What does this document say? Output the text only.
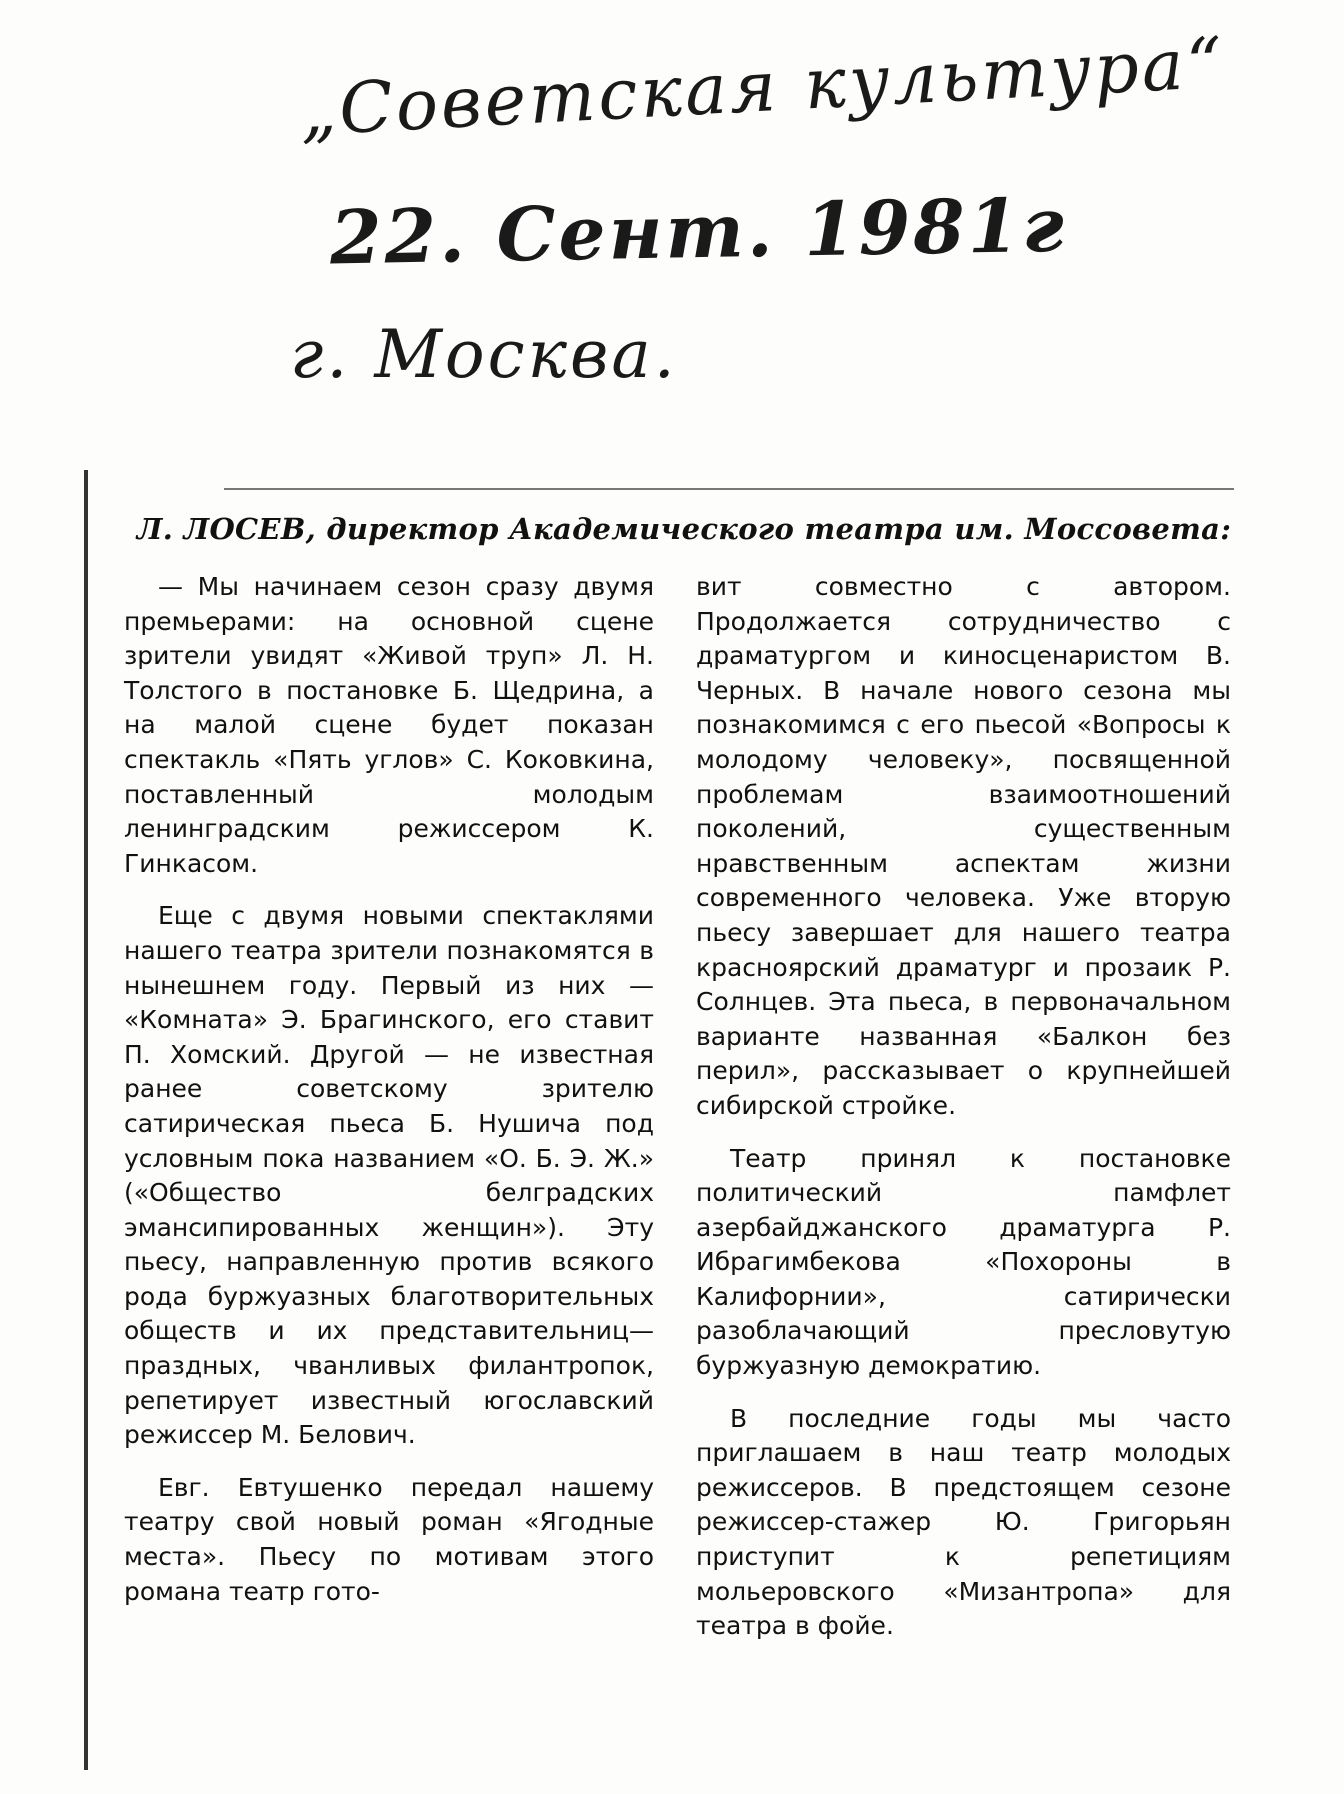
„Советская культура“
22. Сент. 1981г
г. Москва.
Л. ЛОСЕВ, директор Академического театра им. Моссовета:

— Мы начинаем сезон сразу двумя премьерами: на основной сцене зрители увидят «Живой труп» Л. Н. Толстого в постановке Б. Щедрина, а на малой сцене будет показан спектакль «Пять углов» С. Коковкина, поставленный молодым ленинградским режиссером К. Гинкасом.

Еще с двумя новыми спектаклями нашего театра зрители познакомятся в нынешнем году. Первый из них — «Комната» Э. Брагинского, его ставит П. Хомский. Другой — не известная ранее советскому зрителю сатирическая пьеса Б. Нушича под условным пока названием «О. Б. Э. Ж.» («Общество белградских эмансипированных женщин»). Эту пьесу, направленную против всякого рода буржуазных благотворительных обществ и их представительниц—праздных, чванливых филантропок, репетирует известный югославский режиссер М. Белович.

Евг. Евтушенко передал нашему театру свой новый роман «Ягодные места». Пьесу по мотивам этого романа театр гото-

вит совместно с автором. Продолжается сотрудничество с драматургом и киносценаристом В. Черных. В начале нового сезона мы познакомимся с его пьесой «Вопросы к молодому человеку», посвященной проблемам взаимоотношений поколений, существенным нравственным аспектам жизни современного человека. Уже вторую пьесу завершает для нашего театра красноярский драматург и прозаик Р. Солнцев. Эта пьеса, в первоначальном варианте названная «Балкон без перил», рассказывает о крупнейшей сибирской стройке.

Театр принял к постановке политический памфлет азербайджанского драматурга Р. Ибрагимбекова «Похороны в Калифорнии», сатирически разоблачающий пресловутую буржуазную демократию.

В последние годы мы часто приглашаем в наш театр молодых режиссеров. В предстоящем сезоне режиссер-стажер Ю. Григорьян приступит к репетициям мольеровского «Мизантропа» для театра в фойе.
